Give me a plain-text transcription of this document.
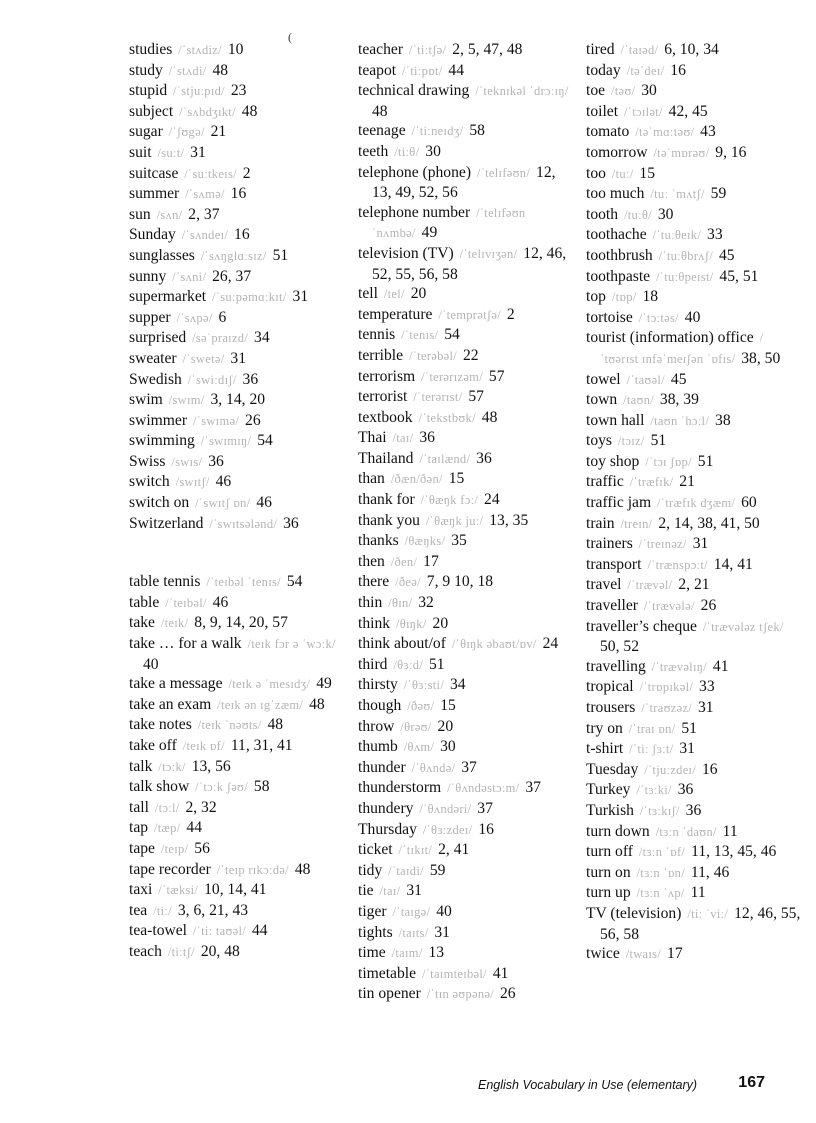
(
studies /ˈstʌdiz/ 10
study /ˈstʌdi/ 48
stupid /ˈstjuːpɪd/ 23
subject /ˈsʌbdʒɪkt/ 48
sugar /ˈʃʊgə/ 21
suit /suːt/ 31
suitcase /ˈsuːtkeɪs/ 2
summer /ˈsʌmə/ 16
sun /sʌn/ 2, 37
Sunday /ˈsʌndeɪ/ 16
sunglasses /ˈsʌŋglɑːsɪz/ 51
sunny /ˈsʌni/ 26, 37
supermarket /ˈsuːpəmɑːkɪt/ 31
supper /ˈsʌpə/ 6
surprised /səˈpraɪzd/ 34
sweater /ˈswetə/ 31
Swedish /ˈswiːdɪʃ/ 36
swim /swɪm/ 3, 14, 20
swimmer /ˈswɪmə/ 26
swimming /ˈswɪmɪŋ/ 54
Swiss /swɪs/ 36
switch /swɪtʃ/ 46
switch on /ˈswɪtʃ ɒn/ 46
Switzerland /ˈswɪtsələnd/ 36
table tennis /ˈteɪbəl ˈtenɪs/ 54
table /ˈteɪbəl/ 46
take /teɪk/ 8, 9, 14, 20, 57
take … for a walk /teɪk fɔr ə ˈwɔːk/ 40
take a message /teɪk ə ˈmesɪdʒ/ 49
take an exam /teɪk ən ɪgˈzæm/ 48
take notes /teɪk ˈnəʊts/ 48
take off /teɪk ɒf/ 11, 31, 41
talk /tɔːk/ 13, 56
talk show /ˈtɔːk ʃəʊ/ 58
tall /tɔːl/ 2, 32
tap /tæp/ 44
tape /teɪp/ 56
tape recorder /ˈteɪp rɪkɔːdə/ 48
taxi /ˈtæksi/ 10, 14, 41
tea /tiː/ 3, 6, 21, 43
tea-towel /ˈtiː taʊəl/ 44
teach /tiːtʃ/ 20, 48
teacher /ˈtiːtʃə/ 2, 5, 47, 48
teapot /ˈtiːpɒt/ 44
technical drawing /ˈteknɪkəl ˈdrɔːɪŋ/ 48
teenage /ˈtiːneɪdʒ/ 58
teeth /tiːθ/ 30
telephone (phone) /ˈtelɪfəʊn/ 12, 13, 49, 52, 56
telephone number /ˈtelɪfəʊn ˈnʌmbə/ 49
television (TV) /ˈtelɪvɪʒən/ 12, 46, 52, 55, 56, 58
tell /tel/ 20
temperature /ˈtemprətʃə/ 2
tennis /ˈtenɪs/ 54
terrible /ˈterəbəl/ 22
terrorism /ˈterərɪzəm/ 57
terrorist /ˈterərɪst/ 57
textbook /ˈtekstbʊk/ 48
Thai /taɪ/ 36
Thailand /ˈtaɪlænd/ 36
than /ðæn/ðən/ 15
thank for /ˈθæŋk fɔː/ 24
thank you /ˈθæŋk juː/ 13, 35
thanks /θæŋks/ 35
then /ðen/ 17
there /ðeə/ 7, 9 10, 18
thin /θɪn/ 32
think /θɪŋk/ 20
think about/of /ˈθɪŋk əbaʊt/ɒv/ 24
third /θɜːd/ 51
thirsty /ˈθɜːsti/ 34
though /ðəʊ/ 15
throw /θrəʊ/ 20
thumb /θʌm/ 30
thunder /ˈθʌndə/ 37
thunderstorm /ˈθʌndəstɔːm/ 37
thundery /ˈθʌndəri/ 37
Thursday /ˈθɜːzdeɪ/ 16
ticket /ˈtɪkɪt/ 2, 41
tidy /ˈtaɪdi/ 59
tie /taɪ/ 31
tiger /ˈtaɪgə/ 40
tights /taɪts/ 31
time /taɪm/ 13
timetable /ˈtaɪmteɪbəl/ 41
tin opener /ˈtɪn əʊpənə/ 26
tired /ˈtaɪəd/ 6, 10, 34
today /təˈdeɪ/ 16
toe /təʊ/ 30
toilet /ˈtɔɪlət/ 42, 45
tomato /təˈmɑːtəʊ/ 43
tomorrow /təˈmɒrəʊ/ 9, 16
too /tuː/ 15
too much /tuː ˈmʌtʃ/ 59
tooth /tuːθ/ 30
toothache /ˈtuːθeɪk/ 33
toothbrush /ˈtuːθbrʌʃ/ 45
toothpaste /ˈtuːθpeɪst/ 45, 51
top /tɒp/ 18
tortoise /ˈtɔːtəs/ 40
tourist (information) office /ˈtʊərɪst ɪnfəˈmeɪʃən ˈɒfɪs/ 38, 50
towel /ˈtaʊəl/ 45
town /taʊn/ 38, 39
town hall /taʊn ˈhɔːl/ 38
toys /tɔɪz/ 51
toy shop /ˈtɔɪ ʃɒp/ 51
traffic /ˈtræfɪk/ 21
traffic jam /ˈtræfɪk dʒæm/ 60
train /treɪn/ 2, 14, 38, 41, 50
trainers /ˈtreɪnəz/ 31
transport /ˈtrænspɔːt/ 14, 41
travel /ˈtrævəl/ 2, 21
traveller /ˈtrævələ/ 26
traveller’s cheque /ˈtrævələz tʃek/ 50, 52
travelling /ˈtrævəlɪŋ/ 41
tropical /ˈtrɒpɪkəl/ 33
trousers /ˈtraʊzəz/ 31
try on /ˈtraɪ ɒn/ 51
t-shirt /ˈtiː ʃɜːt/ 31
Tuesday /ˈtjuːzdeɪ/ 16
Turkey /ˈtɜːki/ 36
Turkish /ˈtɜːkɪʃ/ 36
turn down /tɜːn ˈdaʊn/ 11
turn off /tɜːn ˈɒf/ 11, 13, 45, 46
turn on /tɜːn ˈɒn/ 11, 46
turn up /tɜːn ˈʌp/ 11
TV (television) /tiː ˈviː/ 12, 46, 55, 56, 58
twice /twaɪs/ 17
English Vocabulary in Use (elementary)	167
